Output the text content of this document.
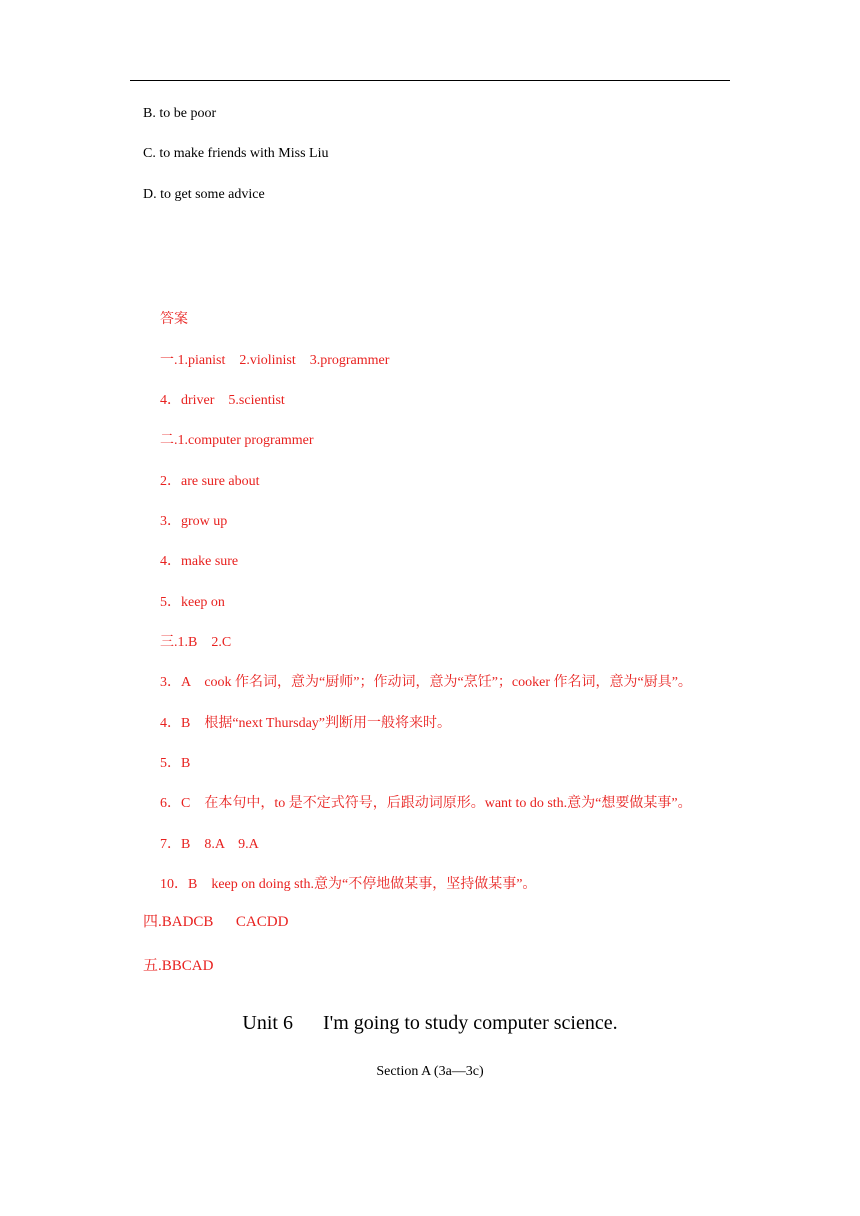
B. to be poor
C. to make friends with Miss Liu
D. to get some advice
答案
一.1.pianist    2.violinist    3.programmer
4．driver    5.scientist
二.1.computer programmer
2．are sure about
3．grow up
4．make sure
5．keep on
三.1.B    2.C
3．A    cook 作名词，意为“厨师”；作动词，意为“烹饪”；cooker 作名词，意为“厨具”。
4．B    根据“next Thursday”判断用一般将来时。
5．B
6．C    在本句中，to 是不定式符号，后跟动词原形。want to do sth.意为“想要做某事”。
7．B    8.A    9.A
10．B    keep on doing sth.意为“不停地做某事，坚持做某事”。
四.BADCB      CACDD
五.BBCAD
Unit 6      I'm going to study computer science.
Section A (3a—3c)
